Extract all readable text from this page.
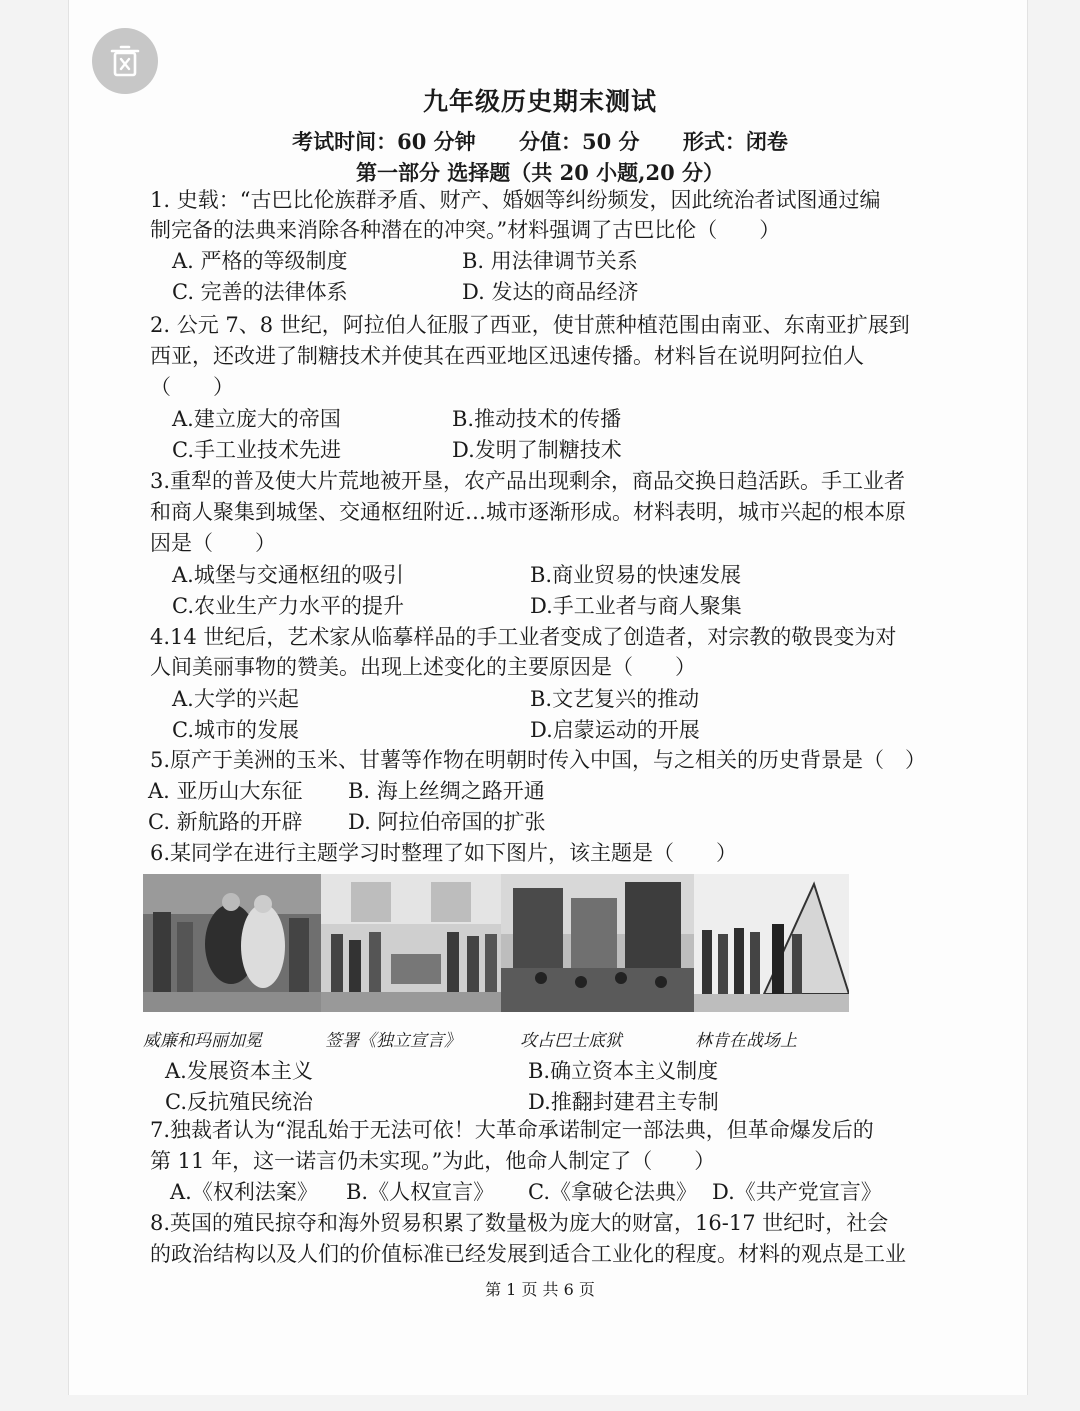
九年级历史期末测试
考试时间：60 分钟 分值：50 分 形式：闭卷
第一部分 选择题（共 20 小题,20 分）
1. 史载：“古巴比伦族群矛盾、财产、婚姻等纠纷频发，因此统治者试图通过编
制完备的法典来消除各种潜在的冲突。”材料强调了古巴比伦（　　）
A. 严格的等级制度	B. 用法律调节关系
C. 完善的法律体系	D. 发达的商品经济
2. 公元 7、8 世纪，阿拉伯人征服了西亚，使甘蔗种植范围由南亚、东南亚扩展到
西亚，还改进了制糖技术并使其在西亚地区迅速传播。材料旨在说明阿拉伯人
（　　）
A.建立庞大的帝国	B.推动技术的传播
C.手工业技术先进	D.发明了制糖技术
3.重犁的普及使大片荒地被开垦，农产品出现剩余，商品交换日趋活跃。手工业者
和商人聚集到城堡、交通枢纽附近…城市逐渐形成。材料表明，城市兴起的根本原
因是（　　）
A.城堡与交通枢纽的吸引	B.商业贸易的快速发展
C.农业生产力水平的提升	D.手工业者与商人聚集
4.14 世纪后，艺术家从临摹样品的手工业者变成了创造者，对宗教的敬畏变为对
人间美丽事物的赞美。出现上述变化的主要原因是（　　）
A.大学的兴起	B.文艺复兴的推动
C.城市的发展	D.启蒙运动的开展
5.原产于美洲的玉米、甘薯等作物在明朝时传入中国，与之相关的历史背景是（　）
A. 亚历山大东征 B. 海上丝绸之路开通
C. 新航路的开辟 D. 阿拉伯帝国的扩张
6.某同学在进行主题学习时整理了如下图片，该主题是（　　）
威廉和玛丽加冕	签署《独立宣言》	攻占巴士底狱	林肯在战场上
A.发展资本主义	B.确立资本主义制度
C.反抗殖民统治	D.推翻封建君主专制
7.独裁者认为“混乱始于无法可依！大革命承诺制定一部法典，但革命爆发后的
第 11 年，这一诺言仍未实现。”为此，他命人制定了（　　）
A.《权利法案》 B.《人权宣言》 C.《拿破仑法典》 D.《共产党宣言》
8.英国的殖民掠夺和海外贸易积累了数量极为庞大的财富，16-17 世纪时，社会
的政治结构以及人们的价值标准已经发展到适合工业化的程度。材料的观点是工业
第 1 页 共 6 页
